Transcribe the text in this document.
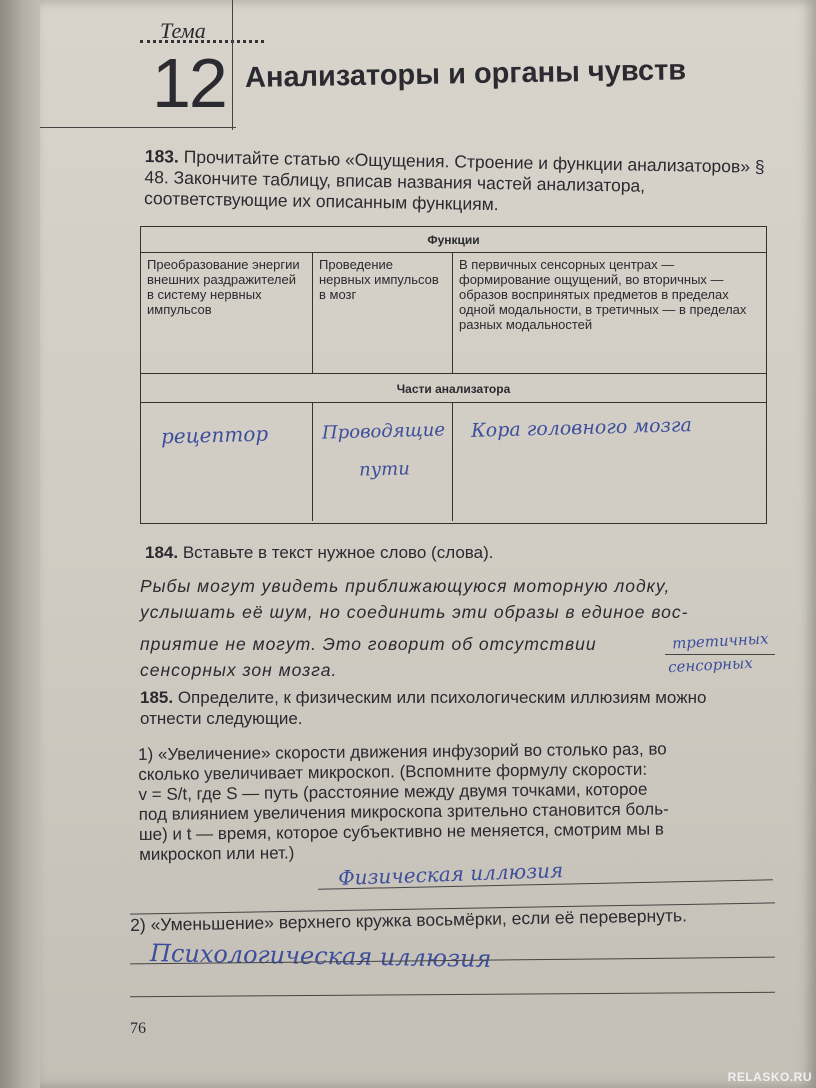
Тема
12 Анализаторы и органы чувств
183. Прочитайте статью «Ощущения. Строение и функции анализаторов» § 48. Закончите таблицу, вписав названия частей анализатора, соответствующие их описанным функциям.
Функции
Преобразование энергии внешних раздражителей в систему нервных импульсов
Проведение нервных импульсов в мозг
В первичных сенсорных центрах — формирование ощущений, во вторичных — образов воспринятых предметов в пределах одной модальности, в третичных — в пределах разных модальностей
Части анализатора
рецептор	Проводящие пути
Кора головного мозга
184. Вставьте в текст нужное слово (слова).
Рыбы могут увидеть приближающуюся моторную лодку,
услышать её шум, но соединить эти образы в единое вос-
приятие не могут. Это говорит об отсутствии
сенсорных зон мозга.
третичных
сенсорных
185. Определите, к физическим или психологическим иллюзиям можно отнести следующие.
1) «Увеличение» скорости движения инфузорий во столько раз, во
сколько увеличивает микроскоп. (Вспомните формулу скорости:
v = S/t, где S — путь (расстояние между двумя точками, которое
под влиянием увеличения микроскопа зрительно становится боль-
ше) и t — время, которое субъективно не меняется, смотрим мы в
микроскоп или нет.)
Физическая иллюзия
2) «Уменьшение» верхнего кружка восьмёрки, если её перевернуть.
Психологическая иллюзия
76
RELASKO.RU
